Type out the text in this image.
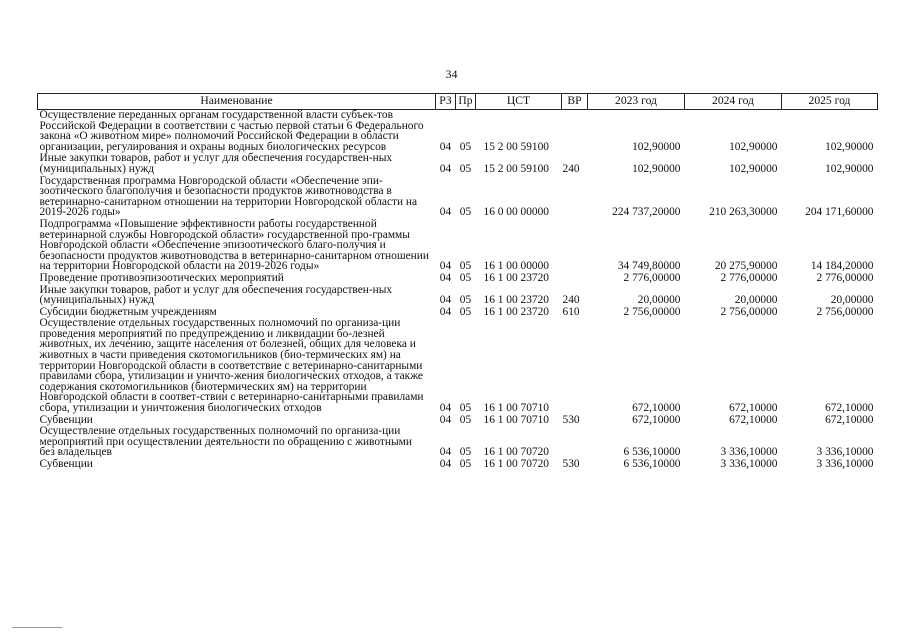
34
Наименование	РЗ	Пр	ЦСТ	ВР	2023 год	2024 год	2025 год
Осуществление переданных органам государственной власти субъек-тов Российской Федерации в соответствии с частью первой статьи 6 Федерального закона «О животном мире» полномочий Российской Федерации в области организации, регулирования и охраны водных биологических ресурсов	04	05	15 2 00 59100		102,90000	102,90000	102,90000
Иные закупки товаров, работ и услуг для обеспечения государствен-ных (муниципальных) нужд	04	05	15 2 00 59100	240	102,90000	102,90000	102,90000
Государственная программа Новгородской области «Обеспечение эпи-зоотического благополучия и безопасности продуктов животноводства в ветеринарно-санитарном отношении на территории Новгородской области на 2019-2026 годы»	04	05	16 0 00 00000		224 737,20000	210 263,30000	204 171,60000
Подпрограмма «Повышение эффективности работы государственной ветеринарной службы Новгородской области» государственной про-граммы Новгородской области «Обеспечение эпизоотического благо-получия и безопасности продуктов животноводства в ветеринарно-санитарном отношении на территории Новгородской области на 2019-2026 годы»	04	05	16 1 00 00000		34 749,80000	20 275,90000	14 184,20000
Проведение противоэпизоотических мероприятий	04	05	16 1 00 23720		2 776,00000	2 776,00000	2 776,00000
Иные закупки товаров, работ и услуг для обеспечения государствен-ных (муниципальных) нужд	04	05	16 1 00 23720	240	20,00000	20,00000	20,00000
Субсидии бюджетным учреждениям	04	05	16 1 00 23720	610	2 756,00000	2 756,00000	2 756,00000
Осуществление отдельных государственных полномочий по организа-ции проведения мероприятий по предупреждению и ликвидации бо-лезней животных, их лечению, защите населения от болезней, общих для человека и животных в части приведения скотомогильников (био-термических ям) на территории Новгородской области в соответствие с ветеринарно-санитарными правилами сбора, утилизации и уничто-жения биологических отходов, а также содержания скотомогильников (биотермических ям) на территории Новгородской области в соответ-ствии с ветеринарно-санитарными правилами сбора, утилизации и уничтожения биологических отходов	04	05	16 1 00 70710		672,10000	672,10000	672,10000
Субвенции	04	05	16 1 00 70710	530	672,10000	672,10000	672,10000
Осуществление отдельных государственных полномочий по организа-ции мероприятий при осуществлении деятельности по обращению с животными без владельцев	04	05	16 1 00 70720		6 536,10000	3 336,10000	3 336,10000
Субвенции	04	05	16 1 00 70720	530	6 536,10000	3 336,10000	3 336,10000
